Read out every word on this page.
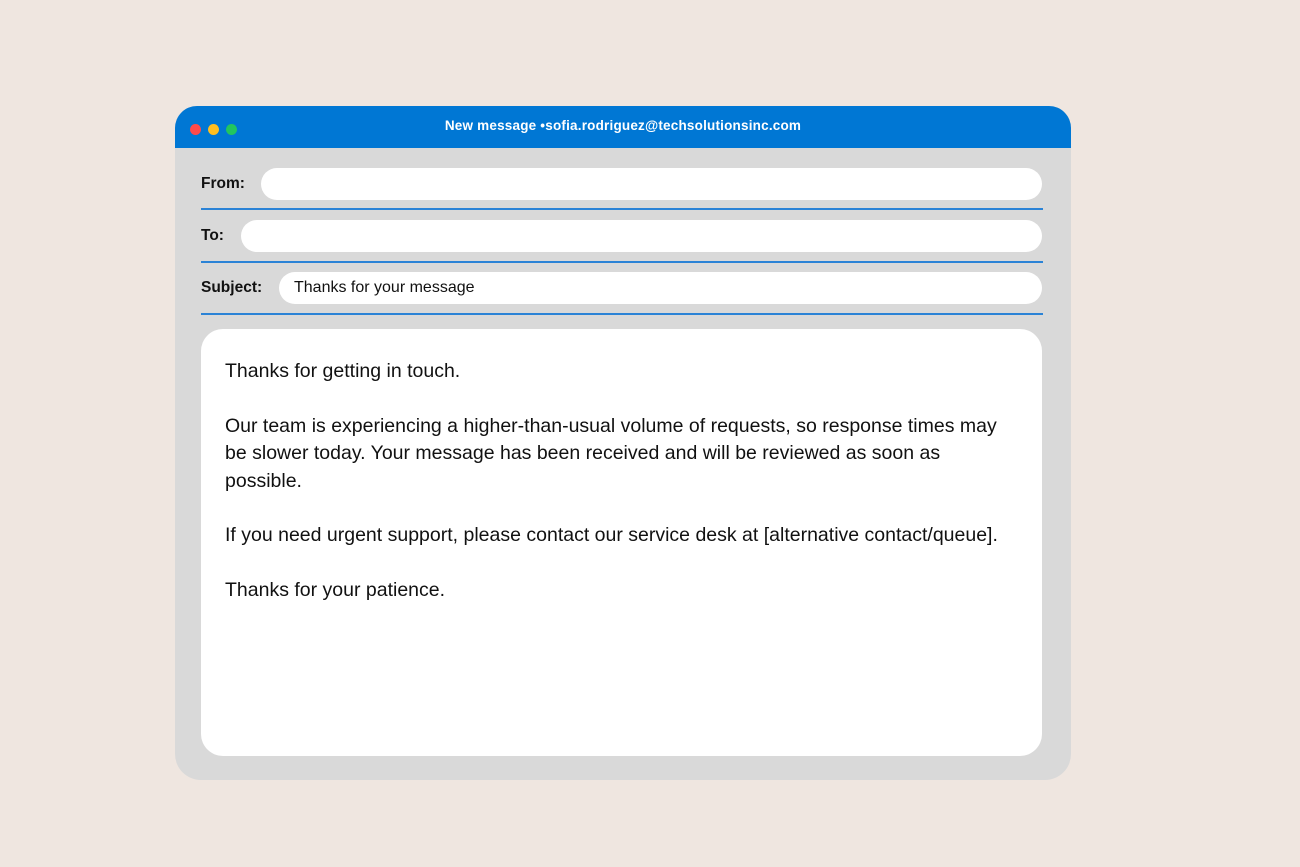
New message •sofia.rodriguez@techsolutionsinc.com
From:
To:
Subject:	Thanks for your message

Thanks for getting in touch.

Our team is experiencing a higher-than-usual volume of requests, so response times may be slower today. Your message has been received and will be reviewed as soon as possible.

If you need urgent support, please contact our service desk at [alternative contact/queue].

Thanks for your patience.
